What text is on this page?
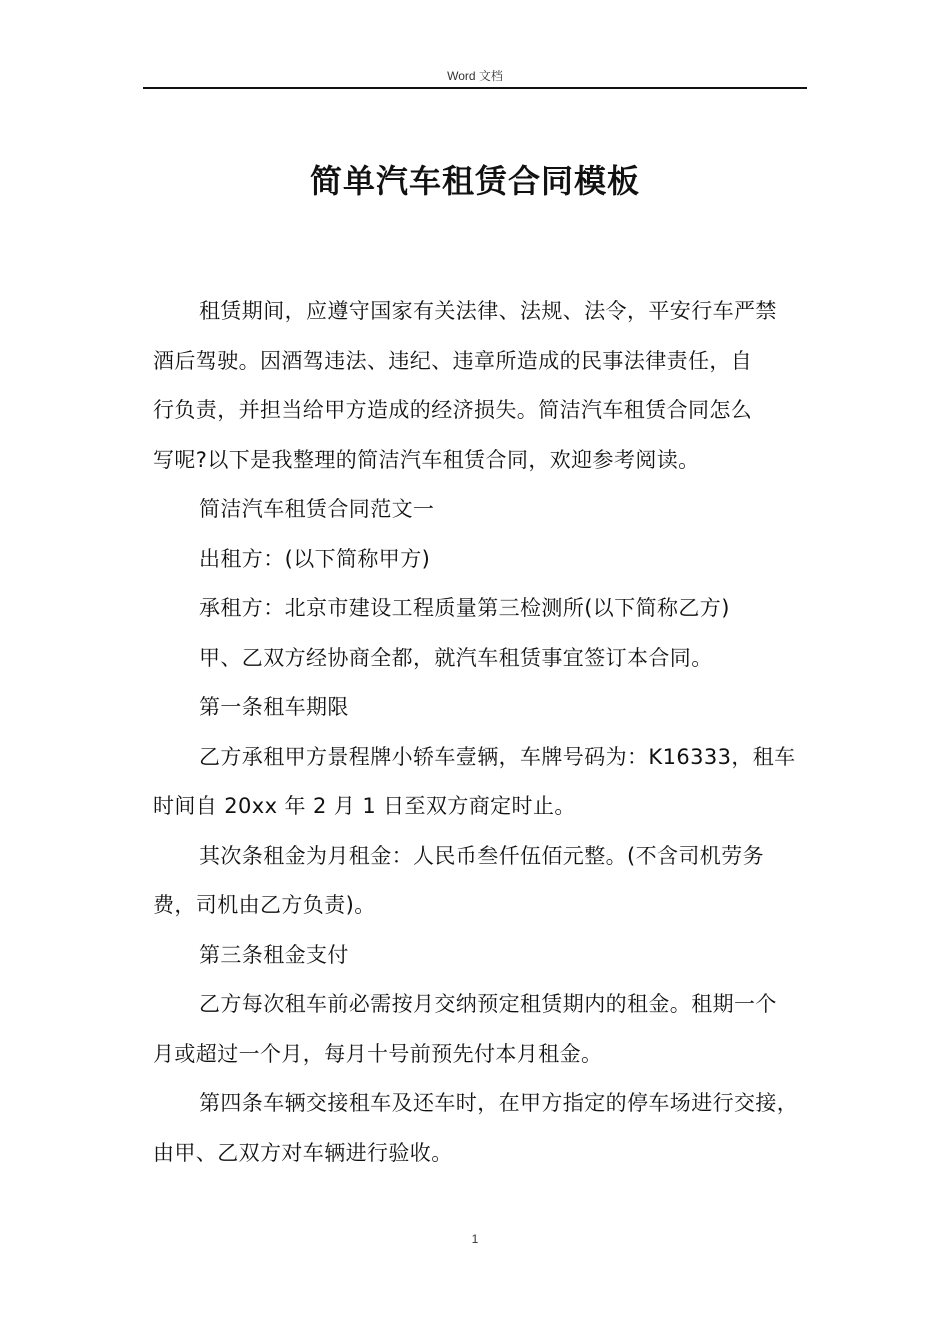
Word 文档
简单汽车租赁合同模板

租赁期间，应遵守国家有关法律、法规、法令，平安行车严禁
酒后驾驶。因酒驾违法、违纪、违章所造成的民事法律责任，自
行负责，并担当给甲方造成的经济损失。简洁汽车租赁合同怎么
写呢?以下是我整理的简洁汽车租赁合同，欢迎参考阅读。

简洁汽车租赁合同范文一

出租方：(以下简称甲方)

承租方：北京市建设工程质量第三检测所(以下简称乙方)

甲、乙双方经协商全都，就汽车租赁事宜签订本合同。

第一条租车期限

乙方承租甲方景程牌小轿车壹辆，车牌号码为：K16333，租车
时间自 20xx 年 2 月 1 日至双方商定时止。

其次条租金为月租金：人民币叁仟伍佰元整。(不含司机劳务
费，司机由乙方负责)。

第三条租金支付

乙方每次租车前必需按月交纳预定租赁期内的租金。租期一个
月或超过一个月，每月十号前预先付本月租金。

第四条车辆交接租车及还车时，在甲方指定的停车场进行交接，
由甲、乙双方对车辆进行验收。

1
